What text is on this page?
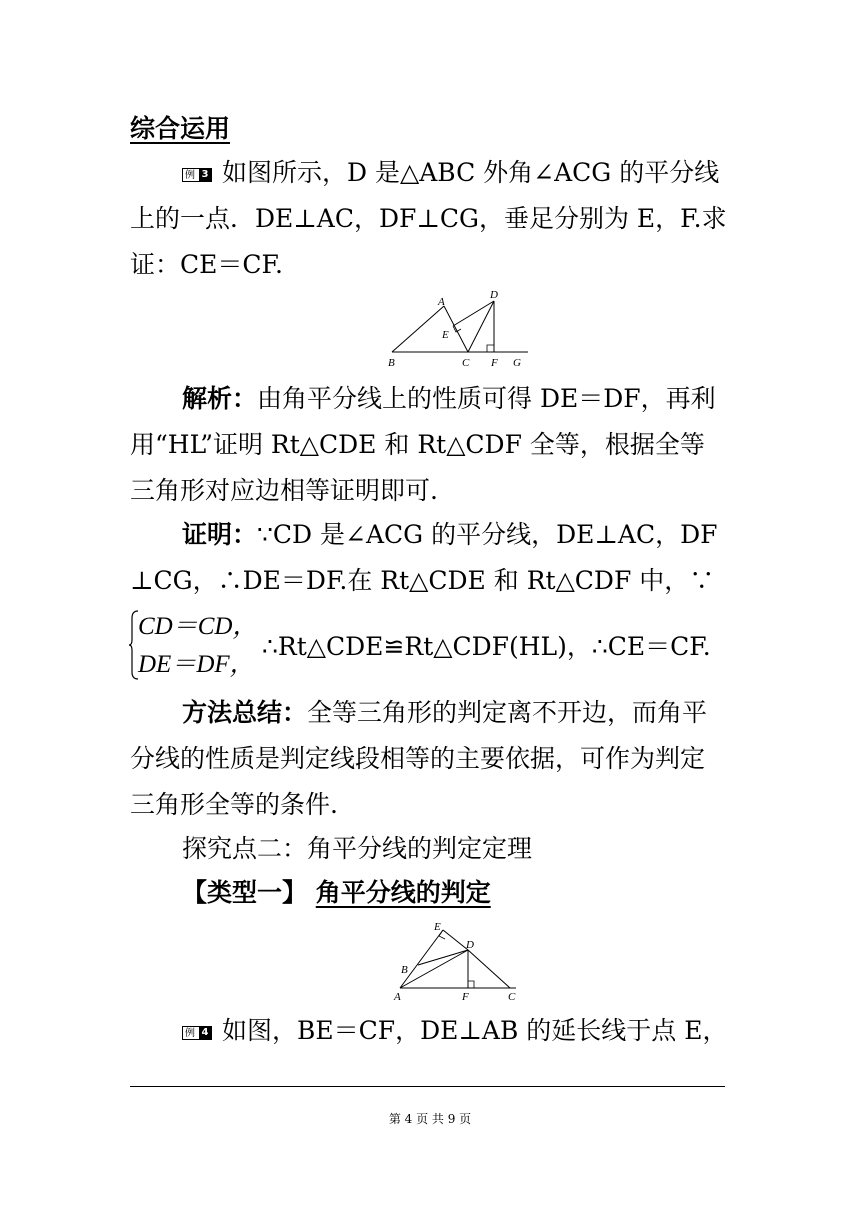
综合运用
例 3 如图所示，D 是△ABC 外角∠ACG 的平分线
上的一点．DE⊥AC，DF⊥CG，垂足分别为 E，F.求
证：CE＝CF.
A
D
E
B	C F G
解析：由角平分线上的性质可得 DE＝DF，再利
用“HL”证明 Rt△CDE 和 Rt△CDF 全等，根据全等
三角形对应边相等证明即可.
证明：∵CD 是∠ACG 的平分线，DE⊥AC，DF
⊥CG，∴DE＝DF.在 Rt△CDE 和 Rt△CDF 中，∵
CD＝CD，
DE＝DF，
∴Rt△CDE≌Rt△CDF(HL)，∴CE＝CF.
方法总结：全等三角形的判定离不开边，而角平
分线的性质是判定线段相等的主要依据，可作为判定
三角形全等的条件.
探究点二：角平分线的判定定理
【类型一】 角平分线的判定
E
D
B
A	F	C
例 4 如图，BE＝CF，DE⊥AB 的延长线于点 E，
第 4 页 共 9 页
